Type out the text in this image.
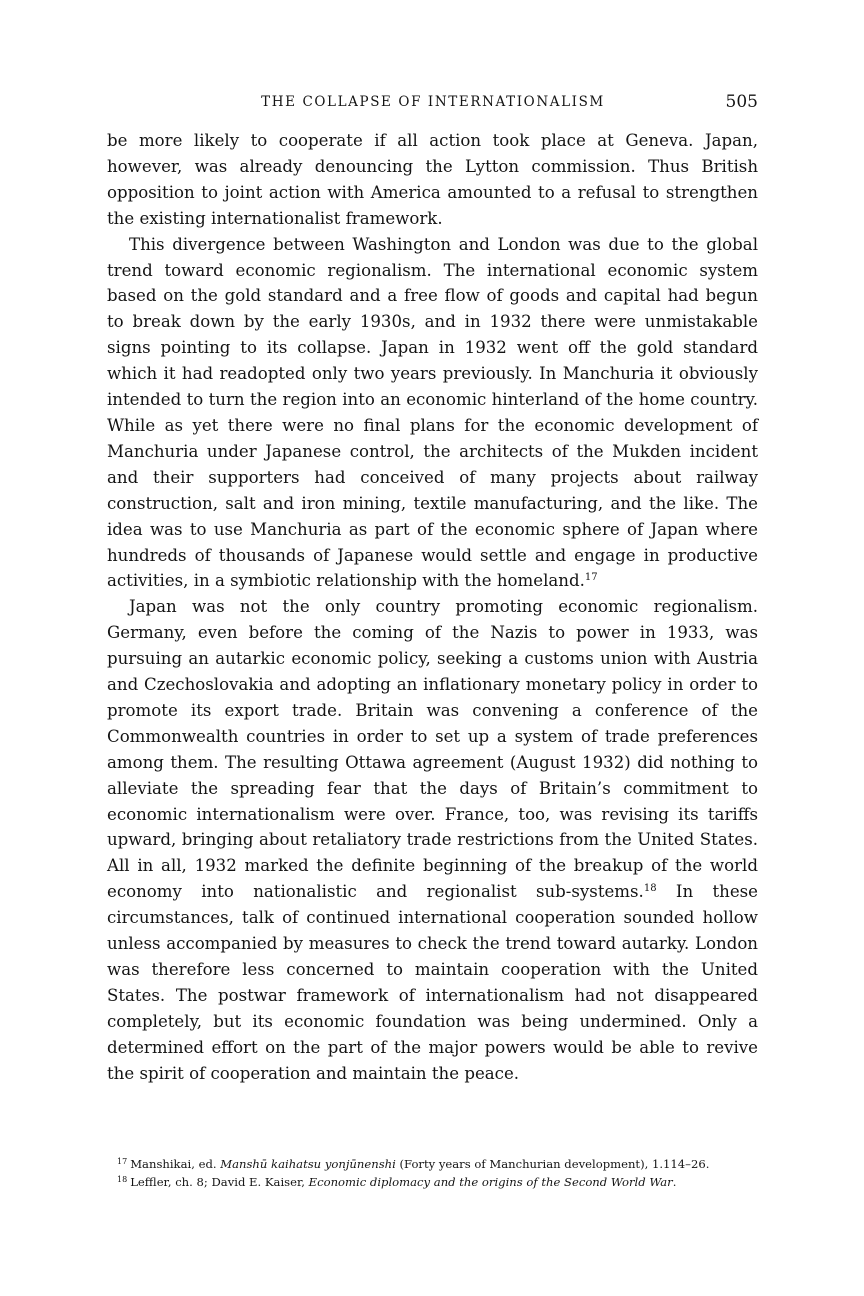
THE COLLAPSE OF INTERNATIONALISM	505

be more likely to cooperate if all action took place at Geneva. Japan, however, was already denouncing the Lytton commission. Thus British opposition to joint action with America amounted to a refusal to strengthen the existing internationalist framework.

This divergence between Washington and London was due to the global trend toward economic regionalism. The international economic system based on the gold standard and a free flow of goods and capital had begun to break down by the early 1930s, and in 1932 there were unmistakable signs pointing to its collapse. Japan in 1932 went off the gold standard which it had readopted only two years previously. In Manchuria it obviously intended to turn the region into an economic hinterland of the home country. While as yet there were no final plans for the economic development of Manchuria under Japanese control, the architects of the Mukden incident and their supporters had conceived of many projects about railway construction, salt and iron mining, textile manufacturing, and the like. The idea was to use Manchuria as part of the economic sphere of Japan where hundreds of thousands of Japanese would settle and engage in productive activities, in a symbiotic relationship with the homeland.$^{17}$

Japan was not the only country promoting economic regionalism. Germany, even before the coming of the Nazis to power in 1933, was pursuing an autarkic economic policy, seeking a customs union with Austria and Czechoslovakia and adopting an inflationary monetary policy in order to promote its export trade. Britain was convening a conference of the Commonwealth countries in order to set up a system of trade preferences among them. The resulting Ottawa agreement (August 1932) did nothing to alleviate the spreading fear that the days of Britain’s commitment to economic internationalism were over. France, too, was revising its tariffs upward, bringing about retaliatory trade restrictions from the United States. All in all, 1932 marked the definite beginning of the breakup of the world economy into nationalistic and regionalist sub-systems.$^{18}$ In these circumstances, talk of continued international cooperation sounded hollow unless accompanied by measures to check the trend toward autarky. London was therefore less concerned to maintain cooperation with the United States. The postwar framework of internationalism had not disappeared completely, but its economic foundation was being undermined. Only a determined effort on the part of the major powers would be able to revive the spirit of cooperation and maintain the peace.

$^{17}$ Manshikai, ed. Manshū kaihatsu yonjūnenshi (Forty years of Manchurian development), 1.114–26.

$^{18}$ Leffler, ch. 8; David E. Kaiser, Economic diplomacy and the origins of the Second World War.
